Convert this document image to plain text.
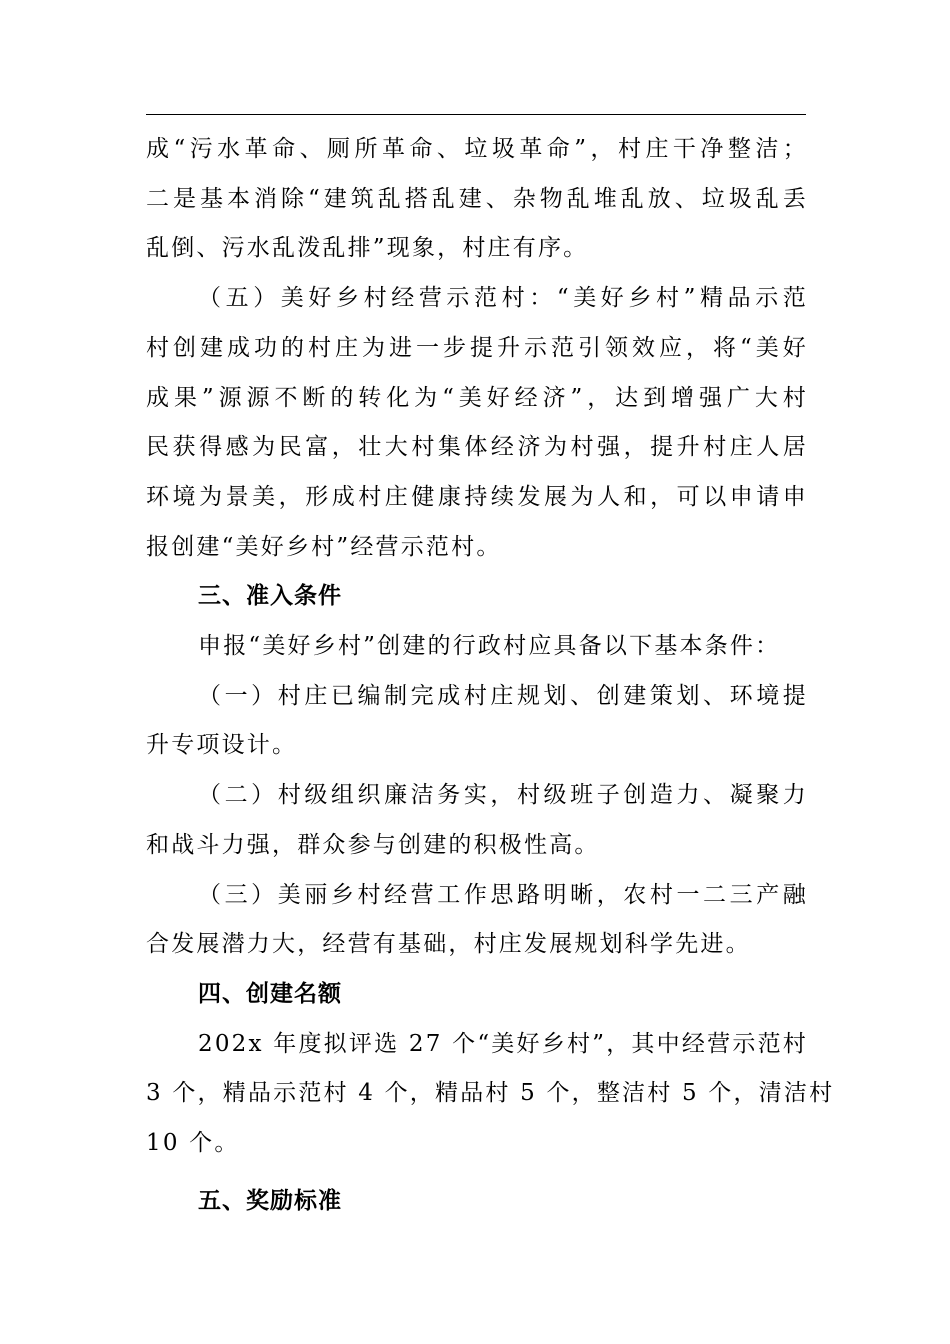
成“污水革命、厕所革命、垃圾革命”，村庄干净整洁；
二是基本消除“建筑乱搭乱建、杂物乱堆乱放、垃圾乱丢
乱倒、污水乱泼乱排”现象，村庄有序。
（五）美好乡村经营示范村：“美好乡村”精品示范
村创建成功的村庄为进一步提升示范引领效应，将“美好
成果”源源不断的转化为“美好经济”，达到增强广大村
民获得感为民富，壮大村集体经济为村强，提升村庄人居
环境为景美，形成村庄健康持续发展为人和，可以申请申
报创建“美好乡村”经营示范村。
三、准入条件
申报“美好乡村”创建的行政村应具备以下基本条件：
（一）村庄已编制完成村庄规划、创建策划、环境提
升专项设计。
（二）村级组织廉洁务实，村级班子创造力、凝聚力
和战斗力强，群众参与创建的积极性高。
（三）美丽乡村经营工作思路明晰，农村一二三产融
合发展潜力大，经营有基础，村庄发展规划科学先进。
四、创建名额
202x 年度拟评选 27 个“美好乡村”，其中经营示范村
3 个，精品示范村 4 个，精品村 5 个，整洁村 5 个，清洁村
10 个。
五、奖励标准
